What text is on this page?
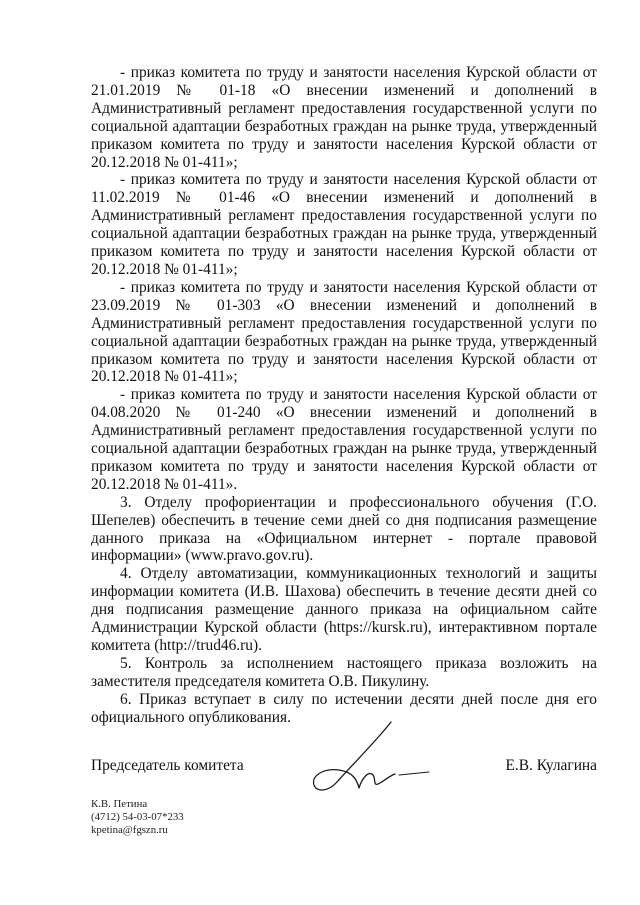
- приказ комитета по труду и занятости населения Курской области от 21.01.2019 № 01-18 «О внесении изменений и дополнений в Административный регламент предоставления государственной услуги по социальной адаптации безработных граждан на рынке труда, утвержденный приказом комитета по труду и занятости населения Курской области от 20.12.2018 № 01-411»;

- приказ комитета по труду и занятости населения Курской области от 11.02.2019 № 01-46 «О внесении изменений и дополнений в Административный регламент предоставления государственной услуги по социальной адаптации безработных граждан на рынке труда, утвержденный приказом комитета по труду и занятости населения Курской области от 20.12.2018 № 01-411»;

- приказ комитета по труду и занятости населения Курской области от 23.09.2019 № 01-303 «О внесении изменений и дополнений в Административный регламент предоставления государственной услуги по социальной адаптации безработных граждан на рынке труда, утвержденный приказом комитета по труду и занятости населения Курской области от 20.12.2018 № 01-411»;

- приказ комитета по труду и занятости населения Курской области от 04.08.2020 № 01-240 «О внесении изменений и дополнений в Административный регламент предоставления государственной услуги по социальной адаптации безработных граждан на рынке труда, утвержденный приказом комитета по труду и занятости населения Курской области от 20.12.2018 № 01-411».

3. Отделу профориентации и профессионального обучения (Г.О. Шепелев) обеспечить в течение семи дней со дня подписания размещение данного приказа на «Официальном интернет - портале правовой информации» (www.pravo.gov.ru).

4. Отделу автоматизации, коммуникационных технологий и защиты информации комитета (И.В. Шахова) обеспечить в течение десяти дней со дня подписания размещение данного приказа на официальном сайте Администрации Курской области (https://kursk.ru), интерактивном портале комитета (http://trud46.ru).

5. Контроль за исполнением настоящего приказа возложить на заместителя председателя комитета О.В. Пикулину.

6. Приказ вступает в силу по истечении десяти дней после дня его официального опубликования.

Председатель комитета	Е.В. Кулагина
К.В. Петина
(4712) 54-03-07*233
kpetina@fgszn.ru
